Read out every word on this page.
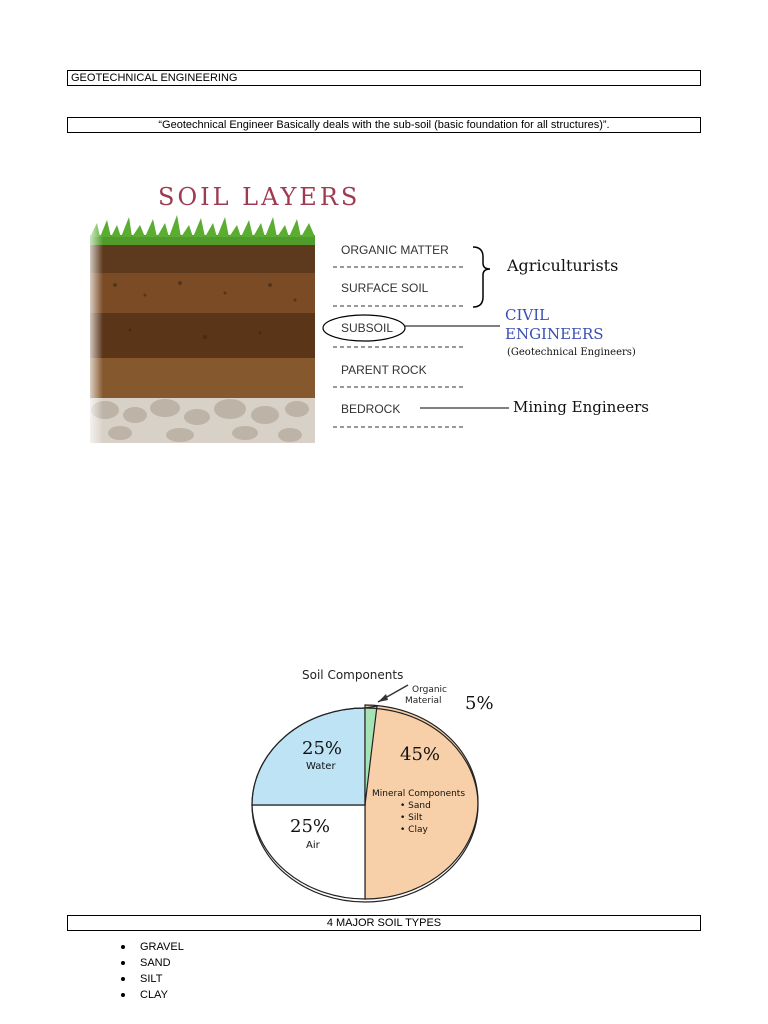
GEOTECHNICAL ENGINEERING
“Geotechnical Engineer Basically deals with the sub-soil (basic foundation for all structures)”.
SOIL LAYERS
ORGANIC MATTER
SURFACE SOIL
SUBSOIL
PARENT ROCK
BEDROCK
Agriculturists
CIVIL
ENGINEERS
(Geotechnical Engineers)
Mining Engineers
Soil Components
Organic
Material 5%
25%
Water
45%
Mineral Components
• Sand
• Silt
• Clay
25%
Air
4 MAJOR SOIL TYPES
GRAVEL
SAND
SILT
CLAY
